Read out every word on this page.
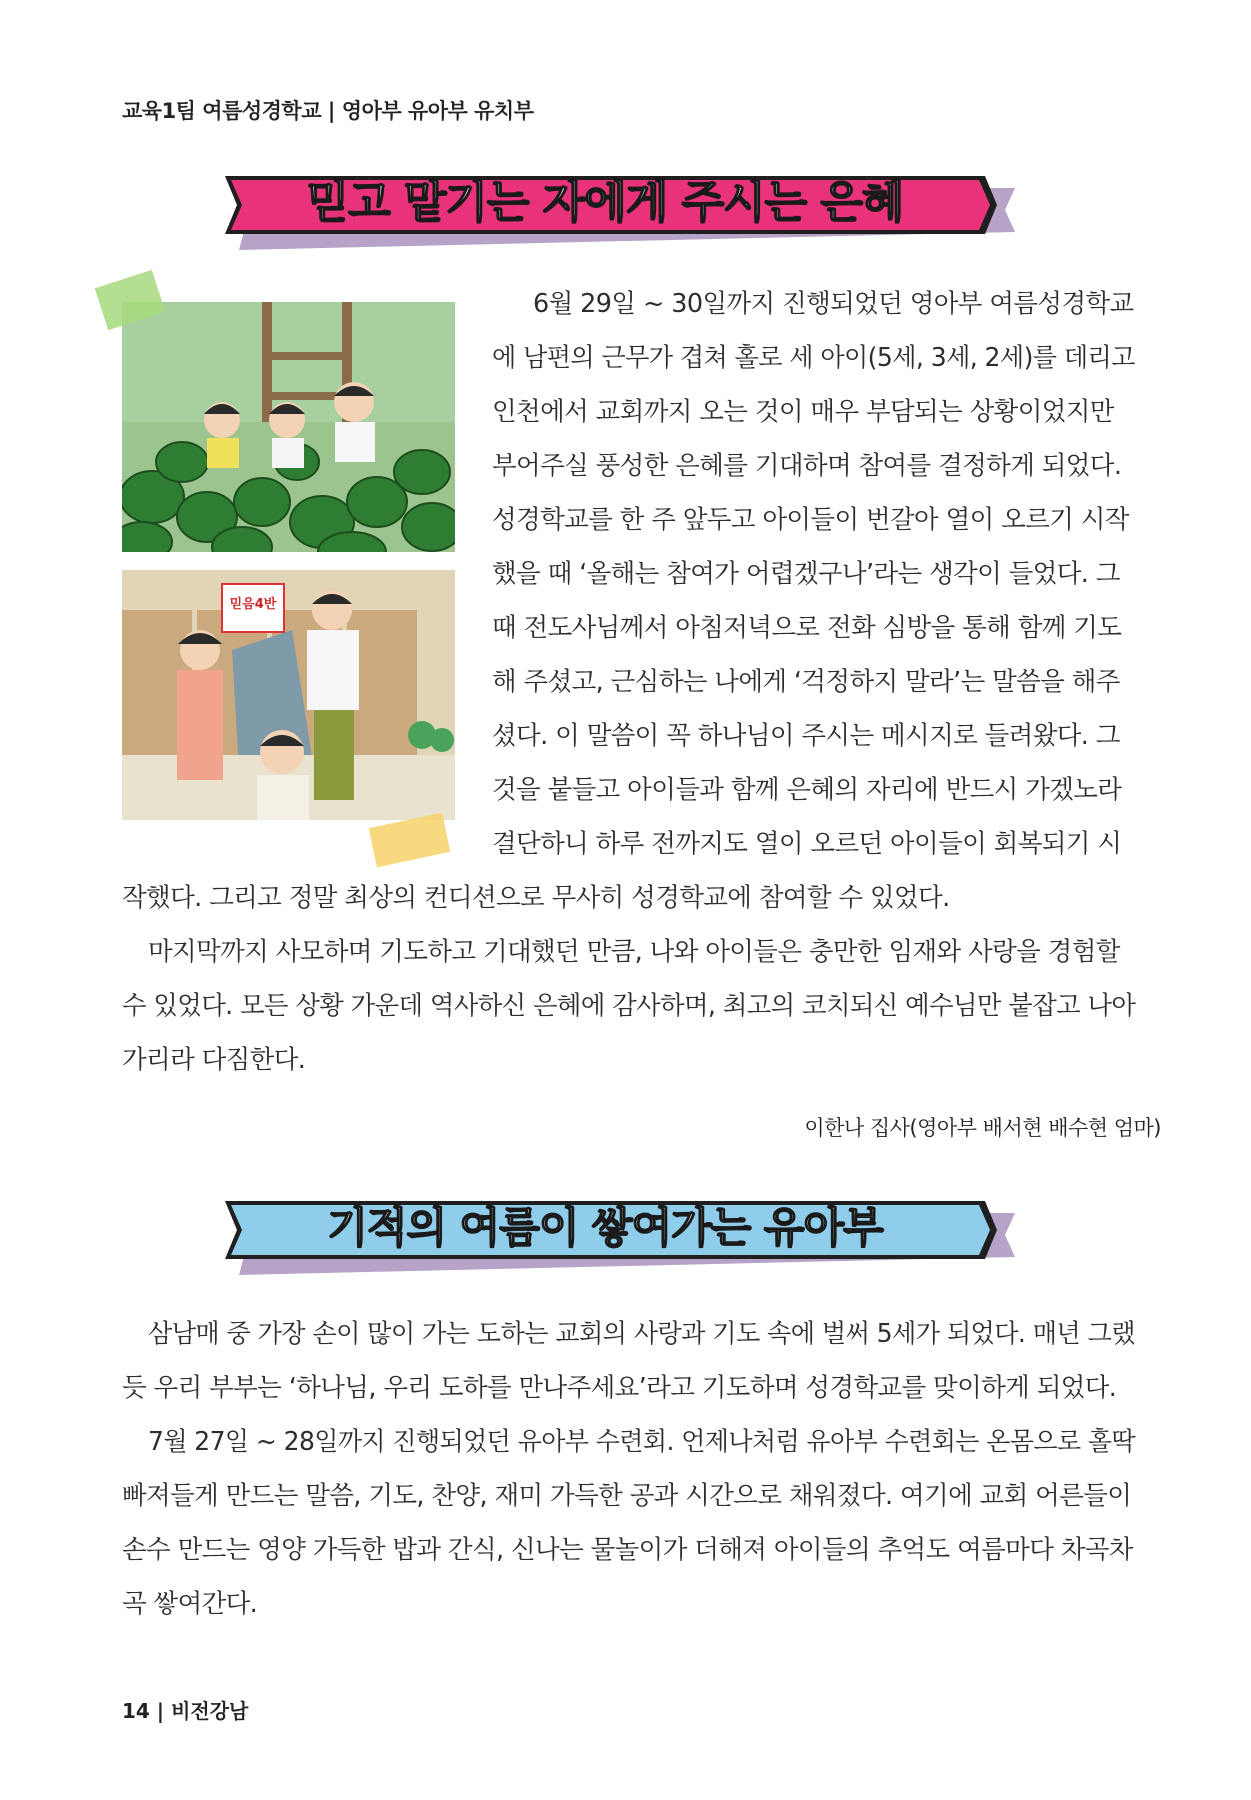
교육1팀 여름성경학교 | 영아부 유아부 유치부
믿고 맡기는 자에게 주시는 은혜
믿음4반
6월 29일 ~ 30일까지 진행되었던 영아부 여름성경학교
에 남편의 근무가 겹쳐 홀로 세 아이(5세, 3세, 2세)를 데리고
인천에서 교회까지 오는 것이 매우 부담되는 상황이었지만
부어주실 풍성한 은혜를 기대하며 참여를 결정하게 되었다.
성경학교를 한 주 앞두고 아이들이 번갈아 열이 오르기 시작
했을 때 ‘올해는 참여가 어렵겠구나’라는 생각이 들었다. 그
때 전도사님께서 아침저녁으로 전화 심방을 통해 함께 기도
해 주셨고, 근심하는 나에게 ‘걱정하지 말라’는 말씀을 해주
셨다. 이 말씀이 꼭 하나님이 주시는 메시지로 들려왔다. 그
것을 붙들고 아이들과 함께 은혜의 자리에 반드시 가겠노라
결단하니 하루 전까지도 열이 오르던 아이들이 회복되기 시
작했다. 그리고 정말 최상의 컨디션으로 무사히 성경학교에 참여할 수 있었다.
마지막까지 사모하며 기도하고 기대했던 만큼, 나와 아이들은 충만한 임재와 사랑을 경험할
수 있었다. 모든 상황 가운데 역사하신 은혜에 감사하며, 최고의 코치되신 예수님만 붙잡고 나아
가리라 다짐한다.
이한나 집사(영아부 배서현 배수현 엄마)
기적의 여름이 쌓여가는 유아부
삼남매 중 가장 손이 많이 가는 도하는 교회의 사랑과 기도 속에 벌써 5세가 되었다. 매년 그랬
듯 우리 부부는 ‘하나님, 우리 도하를 만나주세요’라고 기도하며 성경학교를 맞이하게 되었다.
7월 27일 ~ 28일까지 진행되었던 유아부 수련회. 언제나처럼 유아부 수련회는 온몸으로 홀딱
빠져들게 만드는 말씀, 기도, 찬양, 재미 가득한 공과 시간으로 채워졌다. 여기에 교회 어른들이
손수 만드는 영양 가득한 밥과 간식, 신나는 물놀이가 더해져 아이들의 추억도 여름마다 차곡차
곡 쌓여간다.
14 | 비전강남
